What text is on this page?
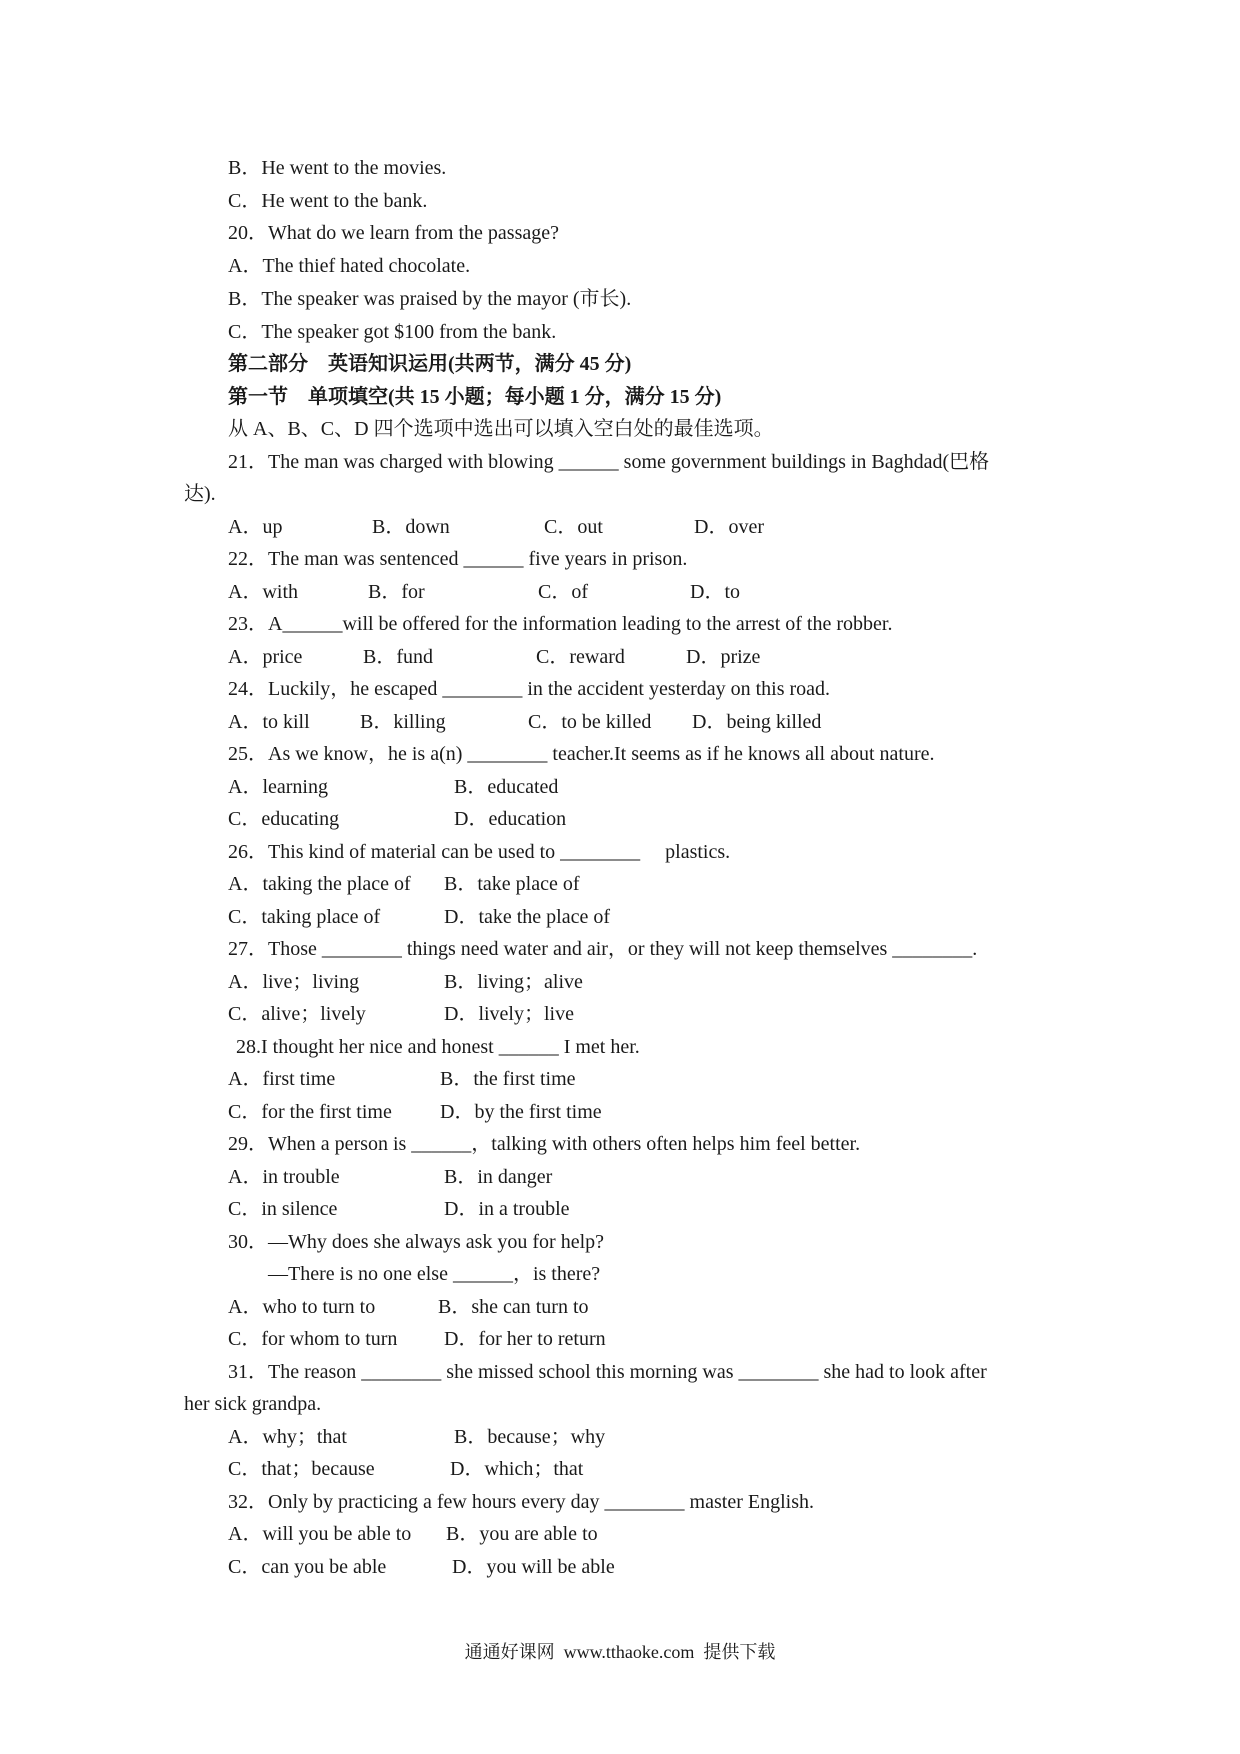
B．He went to the movies.
C．He went to the bank.
20．What do we learn from the passage?
A．The thief hated chocolate.
B．The speaker was praised by the mayor (市长).
C．The speaker got $100 from the bank.
第二部分　英语知识运用(共两节，满分 45 分)
第一节　单项填空(共 15 小题；每小题 1 分，满分 15 分)
从 A、B、C、D 四个选项中选出可以填入空白处的最佳选项。
21．The man was charged with blowing ______ some government buildings in Baghdad(巴格
达).

A．up

	B．down

	C．out

	D．over

22．The man was sentenced ______ five years in prison.

A．with

	B．for

	C．of

	D．to

23．A______will be offered for the information leading to the arrest of the robber.

A．price

	B．fund

	C．reward

	D．prize

24．Luckily，he escaped ________ in the accident yesterday on this road.

A．to kill

	B．killing

	C．to be killed

D．being killed

25．As we know，he is a(n) ________ teacher.It seems as if he knows all about nature.

A．learning

	B．educated

C．educating

	D．education

26．This kind of material can be used to ________     plastics.

A．taking the place of

B．take place of

C．taking place of

	D．take the place of

27．Those ________ things need water and air，or they will not keep themselves ________.

A．live；living

	B．living；alive

C．alive；lively

	D．lively；live

28.I thought her nice and honest ______ I met her.

A．first time

	B．the first time

C．for the first time

D．by the first time

29．When a person is ______，talking with others often helps him feel better.

A．in trouble

	B．in danger

C．in silence

	D．in a trouble

30．—Why does she always ask you for help?
—There is no one else ______，is there?

A．who to turn to

	B．she can turn to

C．for whom to turn

D．for her to return

31．The reason ________ she missed school this morning was ________ she had to look after
her sick grandpa.

A．why；that

	B．because；why

C．that；because

	D．which；that

32．Only by practicing a few hours every day ________ master English.

A．will you be able to

B．you are able to

C．can you be able

	D．you will be able

通通好课网  www.tthaoke.com  提供下载
